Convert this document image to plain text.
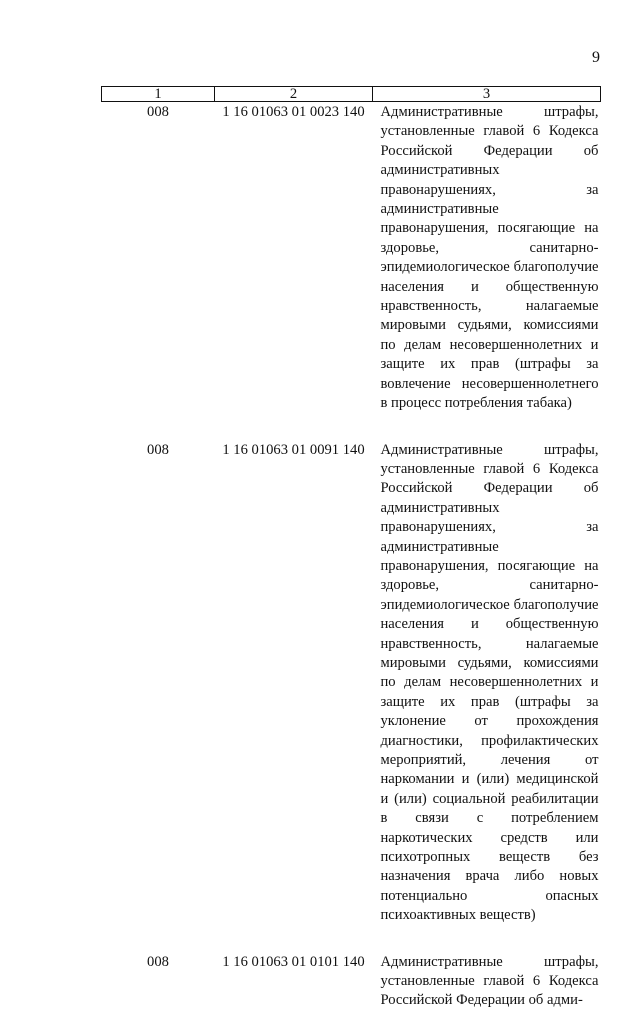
9
1	2	3
008	1 16 01063 01 0023 140	Административные штрафы, установленные главой 6 Кодекса Российской Федерации об административных правонарушениях, за административные правонарушения, посягающие на здоровье, санитарно-эпидемиологическое благополучие населения и общественную нравственность, налагаемые мировыми судьями, комиссиями по делам несовершеннолетних и защите их прав (штрафы за вовлечение несовершеннолетнего в процесс потребления табака)

008	1 16 01063 01 0091 140	Административные штрафы, установленные главой 6 Кодекса Российской Федерации об административных правонарушениях, за административные правонарушения, посягающие на здоровье, санитарно-эпидемиологическое благополучие населения и общественную нравственность, налагаемые мировыми судьями, комиссиями по делам несовершеннолетних и защите их прав (штрафы за уклонение от прохождения диагностики, профилактических мероприятий, лечения от наркомании и (или) медицинской и (или) социальной реабилитации в связи с потреблением наркотических средств или психотропных веществ без назначения врача либо новых потенциально опасных психоактивных веществ)

008	1 16 01063 01 0101 140	Административные штрафы, установленные главой 6 Кодекса Российской Федерации об адми-
